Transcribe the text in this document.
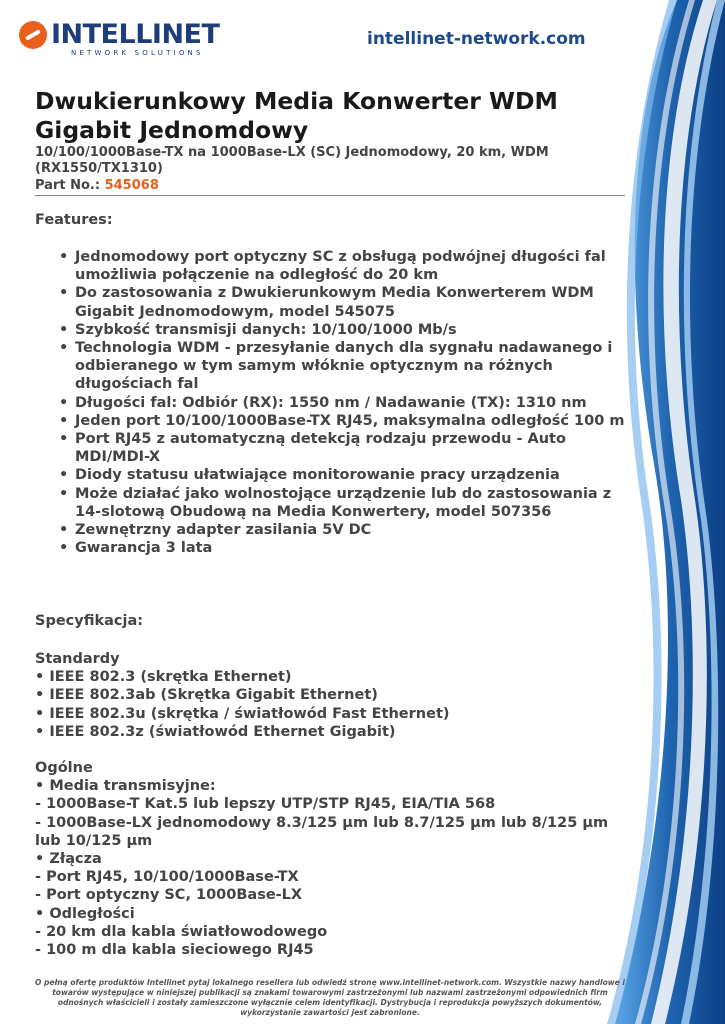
INTELLINET
NETWORK SOLUTIONS
intellinet-network.com
Dwukierunkowy Media Konwerter WDM Gigabit Jednomdowy
10/100/1000Base-TX na 1000Base-LX (SC) Jednomodowy, 20 km, WDM (RX1550/TX1310)
Part No.: 545068
Features:
• Jednomodowy port optyczny SC z obsługą podwójnej długości fal umożliwia połączenie na odległość do 20 km
• Do zastosowania z Dwukierunkowym Media Konwerterem WDM Gigabit Jednomodowym, model 545075
• Szybkość transmisji danych: 10/100/1000 Mb/s
• Technologia WDM - przesyłanie danych dla sygnału nadawanego i odbieranego w tym samym włóknie optycznym na różnych długościach fal
• Długości fal: Odbiór (RX): 1550 nm / Nadawanie (TX): 1310 nm
• Jeden port 10/100/1000Base-TX RJ45, maksymalna odległość 100 m
• Port RJ45 z automatyczną detekcją rodzaju przewodu - Auto MDI/MDI-X
• Diody statusu ułatwiające monitorowanie pracy urządzenia
• Może działać jako wolnostojące urządzenie lub do zastosowania z 14-slotową Obudową na Media Konwertery, model 507356
• Zewnętrzny adapter zasilania 5V DC
• Gwarancja 3 lata
Specyfikacja:
Standardy
• IEEE 802.3 (skrętka Ethernet)
• IEEE 802.3ab (Skrętka Gigabit Ethernet)
• IEEE 802.3u (skrętka / światłowód Fast Ethernet)
• IEEE 802.3z (światłowód Ethernet Gigabit)
Ogólne
• Media transmisyjne:
- 1000Base-T Kat.5 lub lepszy UTP/STP RJ45, EIA/TIA 568
- 1000Base-LX jednomodowy 8.3/125 µm lub 8.7/125 µm lub 8/125 µm lub 10/125 µm
• Złącza
- Port RJ45, 10/100/1000Base-TX
- Port optyczny SC, 1000Base-LX
• Odległości
- 20 km dla kabla światłowodowego
- 100 m dla kabla sieciowego RJ45
O pełną ofertę produktów Intellinet pytaj lokalnego resellera lub odwiedź stronę www.intellinet-network.com. Wszystkie nazwy handlowe i towarów występujące w niniejszej publikacji są znakami towarowymi zastrzeżonymi lub nazwami zastrzeżonymi odpowiednich firm odnośnych właścicieli i zostały zamieszczone wyłącznie celem identyfikacji. Dystrybucja i reprodukcja powyższych dokumentów, wykorzystanie zawartości jest zabronione.
